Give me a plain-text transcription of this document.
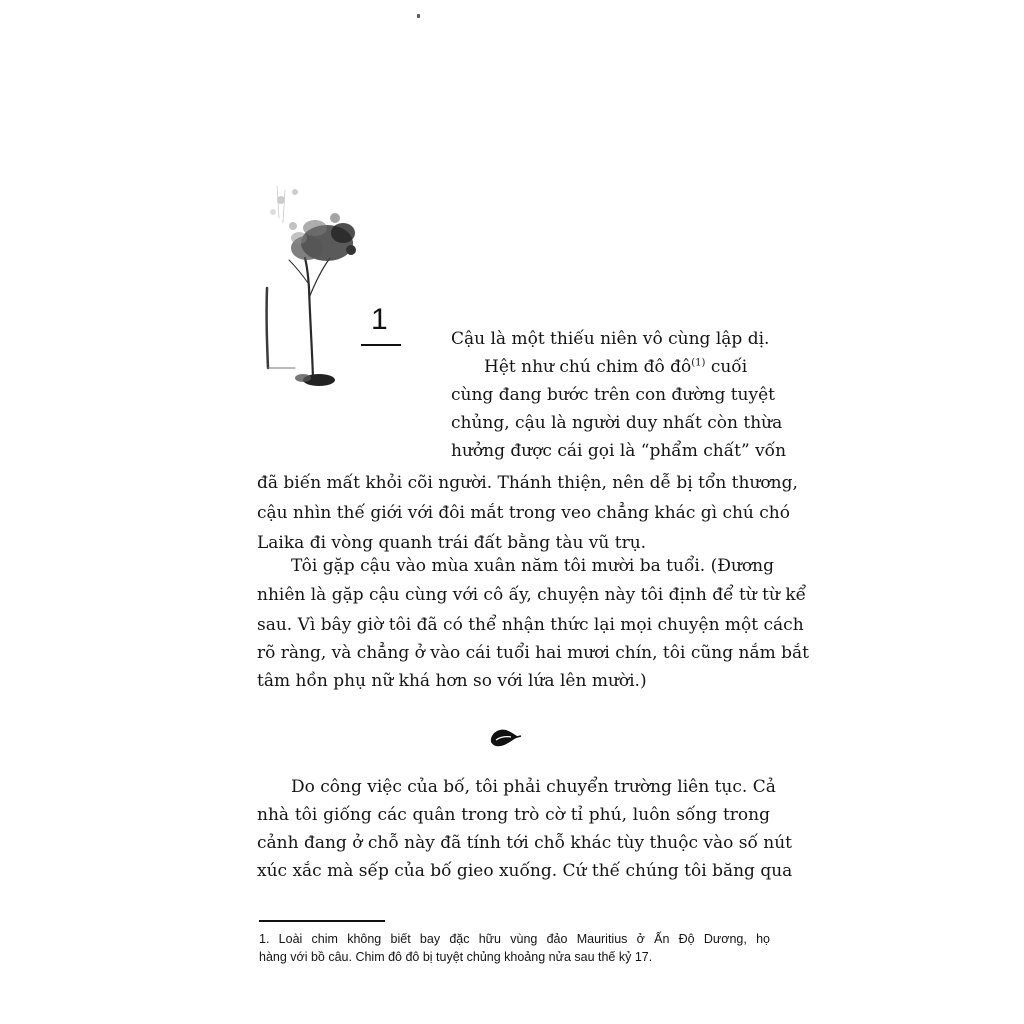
1
Cậu là một thiếu niên vô cùng lập dị.
Hệt như chú chim đô $đô^{(1)}$ cuối
cùng đang bước trên con đường tuyệt
chủng, cậu là người duy nhất còn thừa
hưởng được cái gọi là “phẩm chất” vốn
đã biến mất khỏi cõi người. Thánh thiện, nên dễ bị tổn thương,
cậu nhìn thế giới với đôi mắt trong veo chẳng khác gì chú chó
Laika đi vòng quanh trái đất bằng tàu vũ trụ.
Tôi gặp cậu vào mùa xuân năm tôi mười ba tuổi. (Đương
nhiên là gặp cậu cùng với cô ấy, chuyện này tôi định để từ từ kể
sau. Vì bây giờ tôi đã có thể nhận thức lại mọi chuyện một cách
rõ ràng, và chẳng ở vào cái tuổi hai mươi chín, tôi cũng nắm bắt
tâm hồn phụ nữ khá hơn so với lứa lên mười.)
Do công việc của bố, tôi phải chuyển trường liên tục. Cả
nhà tôi giống các quân trong trò cờ tỉ phú, luôn sống trong
cảnh đang ở chỗ này đã tính tới chỗ khác tùy thuộc vào số nút
xúc xắc mà sếp của bố gieo xuống. Cứ thế chúng tôi băng qua
1. Loài chim không biết bay đặc hữu vùng đảo Mauritius ở Ấn Độ Dương, họ
hàng với bồ câu. Chim đô đô bị tuyệt chủng khoảng nửa sau thế kỷ 17.
